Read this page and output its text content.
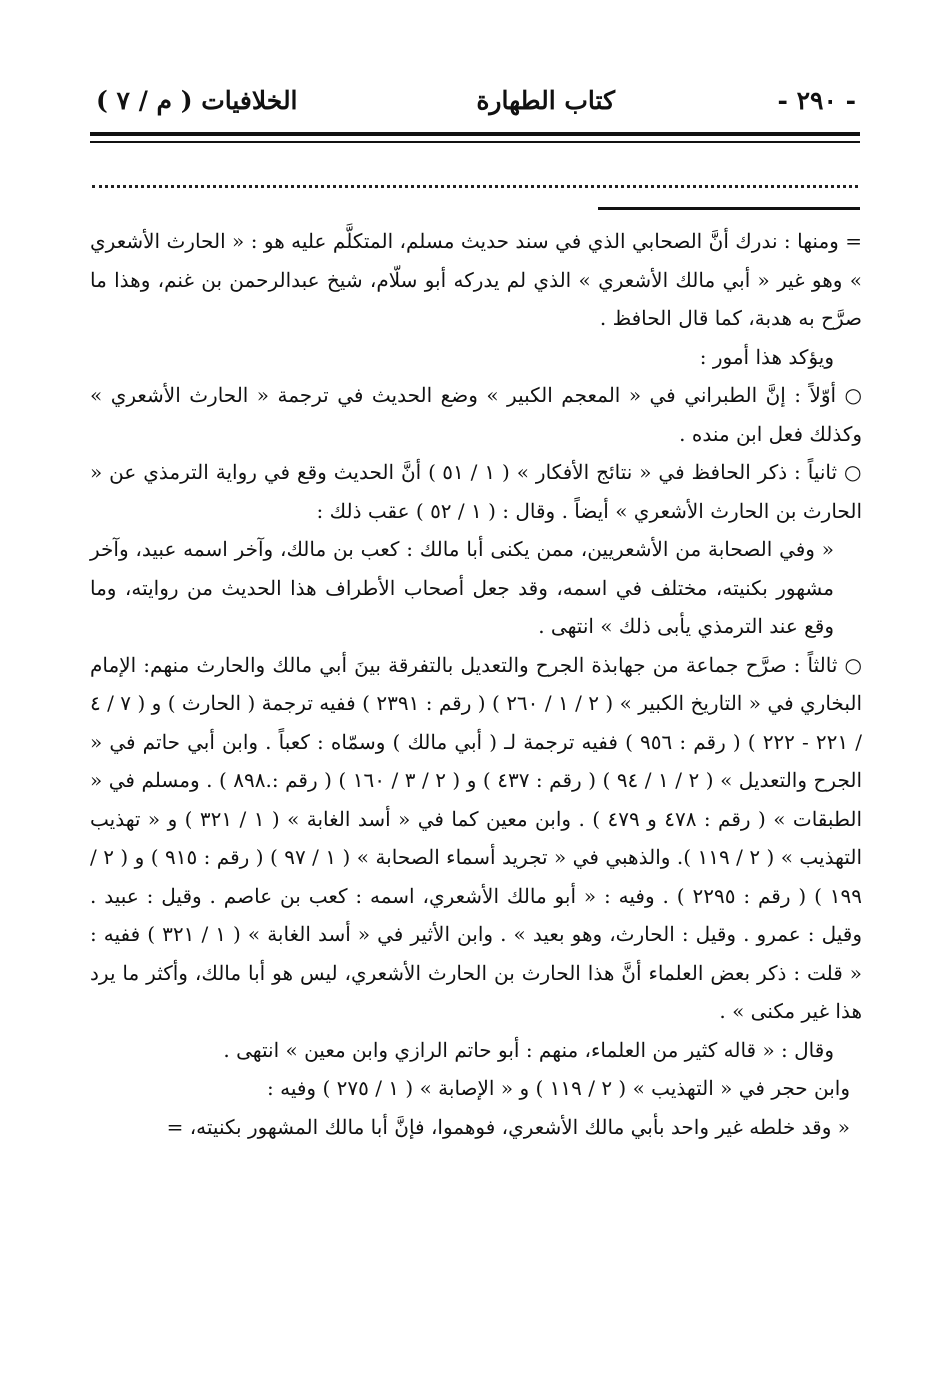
- ٢٩٠ -
كتاب الطهارة
الخلافيات ( م / ٧ )

= ومنها : ندرك أنَّ الصحابي الذي في سند حديث مسلم، المتكلَّم عليه هو : « الحارث الأشعري » وهو غير « أبي مالك الأشعري » الذي لم يدركه أبو سلّام، شيخ عبدالرحمن بن غنم، وهذا ما صرَّح به هدبة، كما قال الحافظ .

ويؤكد هذا أمور :

○ أوّلاً : إنَّ الطبراني في « المعجم الكبير » وضع الحديث في ترجمة « الحارث الأشعري » وكذلك فعل ابن منده .

○ ثانياً : ذكر الحافظ في « نتائج الأفكار » ( ١ / ٥١ ) أنَّ الحديث وقع في رواية الترمذي عن « الحارث بن الحارث الأشعري » أيضاً . وقال : ( ١ / ٥٢ ) عقب ذلك :

« وفي الصحابة من الأشعريين، ممن يكنى أبا مالك : كعب بن مالك، وآخر اسمه عبيد، وآخر مشهور بكنيته، مختلف في اسمه، وقد جعل أصحاب الأطراف هذا الحديث من روايته، وما وقع عند الترمذي يأبى ذلك » انتهى .

○ ثالثاً : صرَّح جماعة من جهابذة الجرح والتعديل بالتفرقة بينَ أبي مالك والحارث منهم: الإمام البخاري في « التاريخ الكبير » ( ٢ / ١ / ٢٦٠ ) ( رقم : ٢٣٩١ ) ففيه ترجمة ( الحارث ) و ( ٧ / ٤ / ٢٢١ - ٢٢٢ ) ( رقم : ٩٥٦ ) ففيه ترجمة لـ ( أبي مالك ) وسمّاه : كعباً . وابن أبي حاتم في « الجرح والتعديل » ( ٢ / ١ / ٩٤ ) ( رقم : ٤٣٧ ) و ( ٢ / ٣ / ١٦٠ ) ( رقم :.٨٩٨ ) . ومسلم في « الطبقات » ( رقم : ٤٧٨ و ٤٧٩ ) . وابن معين كما في « أسد الغابة » ( ١ / ٣٢١ ) و « تهذيب التهذيب » ( ٢ / ١١٩ ). والذهبي في « تجريد أسماء الصحابة » ( ١ / ٩٧ ) ( رقم : ٩١٥ ) و ( ٢ / ١٩٩ ) ( رقم : ٢٢٩٥ ) . وفيه : « أبو مالك الأشعري، اسمه : كعب بن عاصم . وقيل : عبيد . وقيل : عمرو . وقيل : الحارث، وهو بعيد » . وابن الأثير في « أسد الغابة » ( ١ / ٣٢١ ) ففيه : « قلت : ذكر بعض العلماء أنَّ هذا الحارث بن الحارث الأشعري، ليس هو أبا مالك، وأكثر ما يرد هذا غير مكنى » .

وقال : « قاله كثير من العلماء، منهم : أبو حاتم الرازي وابن معين » انتهى .

وابن حجر في « التهذيب » ( ٢ / ١١٩ ) و « الإصابة » ( ١ / ٢٧٥ ) وفيه :

« وقد خلطه غير واحد بأبي مالك الأشعري، فوهموا، فإنَّ أبا مالك المشهور بكنيته، =
